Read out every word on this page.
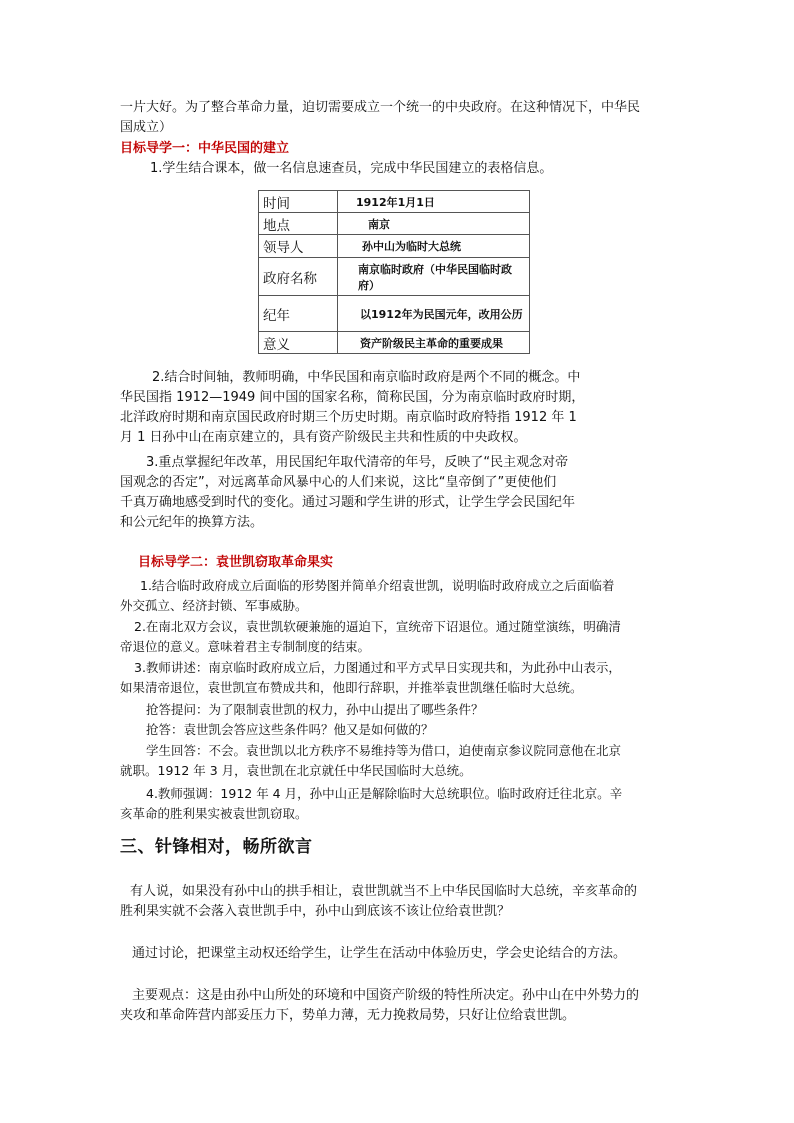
一片大好。为了整合革命力量，迫切需要成立一个统一的中央政府。在这种情况下，中华民

国成立）

目标导学一：中华民国的建立

1.学生结合课本，做一名信息速查员，完成中华民国建立的表格信息。

时间	1912年1月1日
地点	南京
领导人	孙中山为临时大总统
政府名称	南京临时政府（中华民国临时政府）
纪年	以1912年为民国元年，改用公历
意义	资产阶级民主革命的重要成果

2.结合时间轴，教师明确，中华民国和南京临时政府是两个不同的概念。中

华民国指 1912—1949 间中国的国家名称，简称民国，分为南京临时政府时期，

北洋政府时期和南京国民政府时期三个历史时期。南京临时政府特指 1912 年 1

月 1 日孙中山在南京建立的，具有资产阶级民主共和性质的中央政权。

3.重点掌握纪年改革，用民国纪年取代清帝的年号，反映了“民主观念对帝

国观念的否定”，对远离革命风暴中心的人们来说，这比“皇帝倒了”更使他们

千真万确地感受到时代的变化。通过习题和学生讲的形式，让学生学会民国纪年

和公元纪年的换算方法。

目标导学二：袁世凯窃取革命果实

1.结合临时政府成立后面临的形势图并简单介绍袁世凯，说明临时政府成立之后面临着

外交孤立、经济封锁、军事威胁。

2.在南北双方会议，袁世凯软硬兼施的逼迫下，宣统帝下诏退位。通过随堂演练，明确清

帝退位的意义。意味着君主专制制度的结束。

3.教师讲述：南京临时政府成立后，力图通过和平方式早日实现共和，为此孙中山表示，

如果清帝退位，袁世凯宣布赞成共和，他即行辞职，并推举袁世凯继任临时大总统。

抢答提问：为了限制袁世凯的权力，孙中山提出了哪些条件？

抢答：袁世凯会答应这些条件吗？他又是如何做的？

学生回答：不会。袁世凯以北方秩序不易维持等为借口，迫使南京参议院同意他在北京

就职。1912 年 3 月，袁世凯在北京就任中华民国临时大总统。

4.教师强调：1912 年 4 月，孙中山正是解除临时大总统职位。临时政府迁往北京。辛

亥革命的胜利果实被袁世凯窃取。

三、针锋相对，畅所欲言

有人说，如果没有孙中山的拱手相让，袁世凯就当不上中华民国临时大总统，辛亥革命的

胜利果实就不会落入袁世凯手中，孙中山到底该不该让位给袁世凯？

通过讨论，把课堂主动权还给学生，让学生在活动中体验历史，学会史论结合的方法。

主要观点：这是由孙中山所处的环境和中国资产阶级的特性所决定。孙中山在中外势力的

夹攻和革命阵营内部妥压力下，势单力薄，无力挽救局势，只好让位给袁世凯。
